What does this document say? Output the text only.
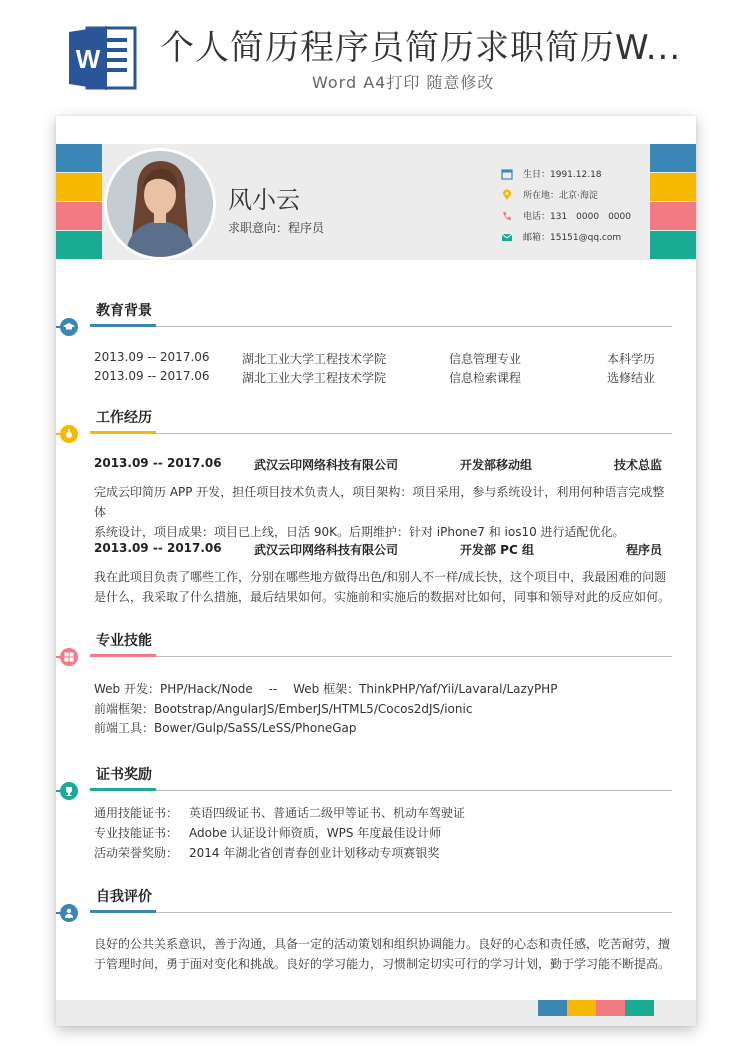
W 个人简历程序员简历求职简历W...
Word A4打印 随意修改
风小云
求职意向：程序员
生日：1991.12.18
所在地：北京·海淀
电话：131　0000　0000
邮箱：15151@qq.com
教育背景
2013.09 -- 2017.06	湖北工业大学工程技术学院	信息管理专业	本科学历
2013.09 -- 2017.06	湖北工业大学工程技术学院	信息检索课程	选修结业
工作经历
2013.09 -- 2017.06	武汉云印网络科技有限公司	开发部移动组	技术总监
完成云印简历 APP 开发，担任项目技术负责人，项目架构：项目采用，参与系统设计，利用何种语言完成整体
系统设计，项目成果：项目已上线，日活 90K。后期维护：针对 iPhone7 和 ios10 进行适配优化。
2013.09 -- 2017.06	武汉云印网络科技有限公司	开发部 PC 组	程序员
我在此项目负责了哪些工作，分别在哪些地方做得出色/和别人不一样/成长快，这个项目中，我最困难的问题
是什么，我采取了什么措施，最后结果如何。实施前和实施后的数据对比如何，同事和领导对此的反应如何。
专业技能
Web 开发：PHP/Hack/Node　 --　 Web 框架：ThinkPHP/Yaf/Yii/Lavaral/LazyPHP
前端框架：Bootstrap/AngularJS/EmberJS/HTML5/Cocos2dJS/ionic
前端工具：Bower/Gulp/SaSS/LeSS/PhoneGap
证书奖励
通用技能证书： 英语四级证书、普通话二级甲等证书、机动车驾驶证
专业技能证书： Adobe 认证设计师资质，WPS 年度最佳设计师
活动荣誉奖励： 2014 年湖北省创青春创业计划移动专项赛银奖
自我评价
良好的公共关系意识，善于沟通，具备一定的活动策划和组织协调能力。良好的心态和责任感，吃苦耐劳，擅
于管理时间，勇于面对变化和挑战。良好的学习能力，习惯制定切实可行的学习计划，勤于学习能不断提高。
